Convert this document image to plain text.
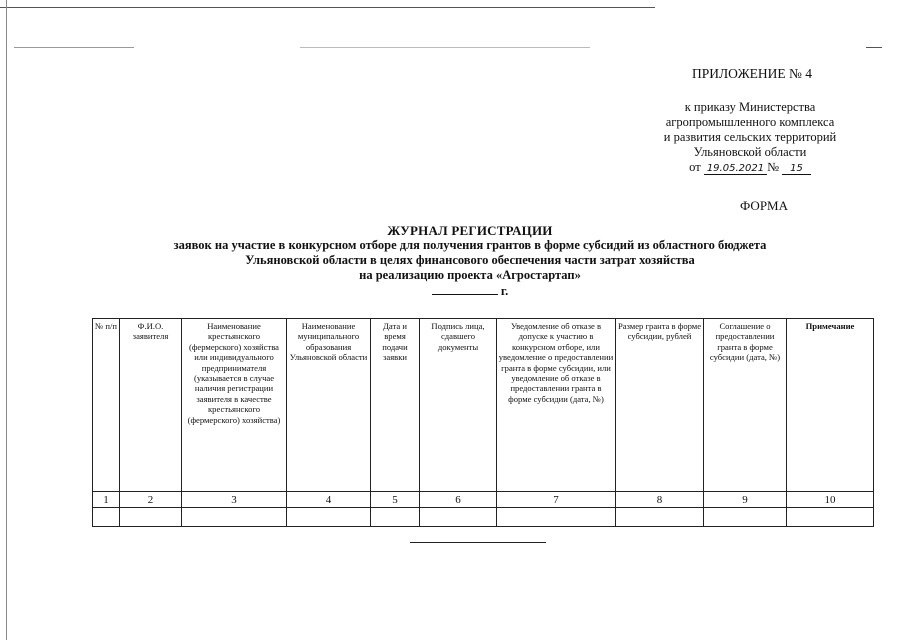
ПРИЛОЖЕНИЕ № 4
к приказу Министерства
агропромышленного комплекса
и развития сельских территорий
Ульяновской области
от 19.05.2021 № 15
ФОРМА
ЖУРНАЛ РЕГИСТРАЦИИ
заявок на участие в конкурсном отборе для получения грантов в форме субсидий из областного бюджета
Ульяновской области в целях финансового обеспечения части затрат хозяйства
на реализацию проекта «Агростартап»
г.
№ п/п	Ф.И.О. заявителя	Наименование крестьянского (фермерского) хозяйства или индивидуального предпринимателя (указывается в случае наличия регистрации заявителя в качестве крестьянского (фермерского) хозяйства)	Наименование муниципального образования Ульяновской области	Дата и время подачи заявки	Подпись лица, сдавшего документы	Уведомление об отказе в допуске к участию в конкурсном отборе, или уведомление о предоставлении гранта в форме субсидии, или уведомление об отказе в предоставлении гранта в форме субсидии (дата, №)	Размер гранта в форме субсидии, рублей	Соглашение о предоставлении гранта в форме субсидии (дата, №)	Примечание
1	2	3	4	5	6	7	8	9	10
